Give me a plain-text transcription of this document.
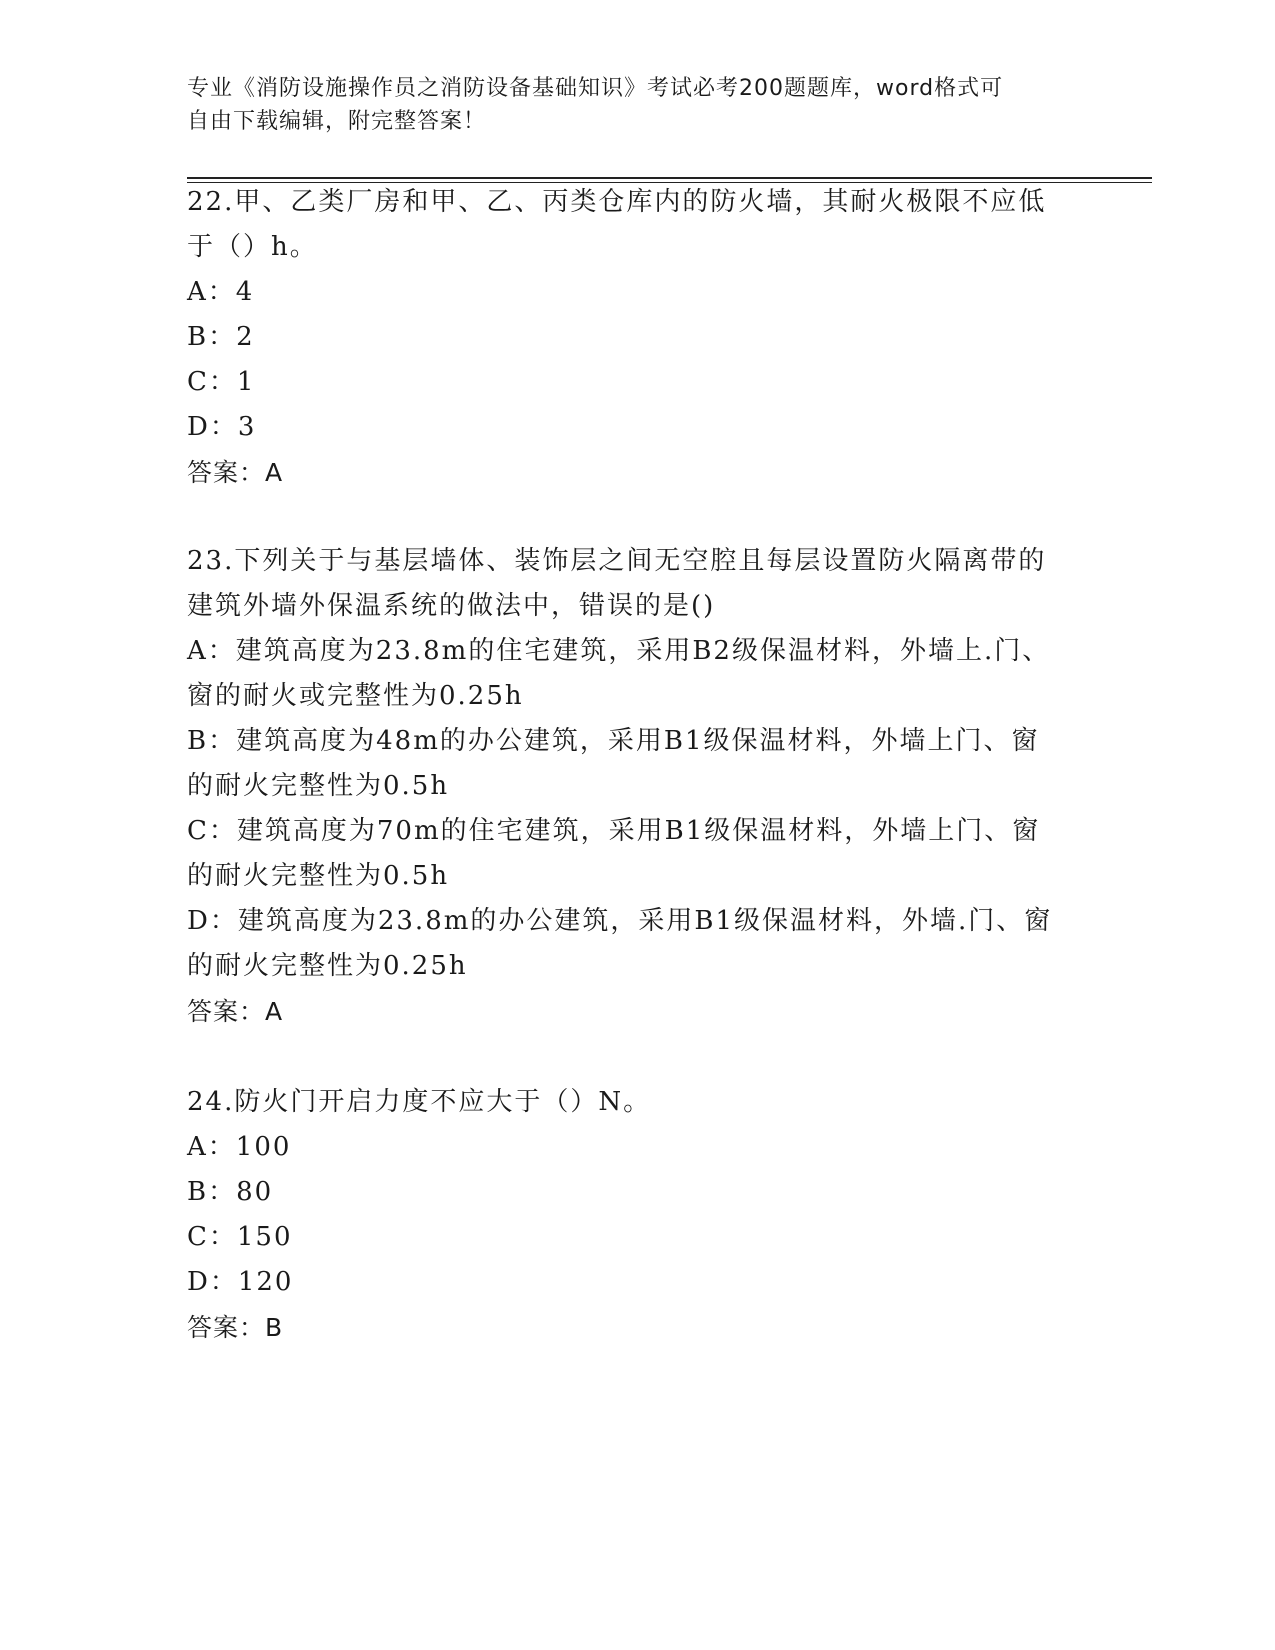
专业《消防设施操作员之消防设备基础知识》考试必考200题题库，word格式可
自由下载编辑，附完整答案！
22.甲、乙类厂房和甲、乙、丙类仓库内的防火墙，其耐火极限不应低
于（）h。
A：4
B：2
C：1
D：3
答案：A
23.下列关于与基层墙体、装饰层之间无空腔且每层设置防火隔离带的
建筑外墙外保温系统的做法中，错误的是()
A：建筑高度为23.8m的住宅建筑，采用B2级保温材料，外墙上.门、
窗的耐火或完整性为0.25h
B：建筑高度为48m的办公建筑，采用B1级保温材料，外墙上门、窗
的耐火完整性为0.5h
C：建筑高度为70m的住宅建筑，采用B1级保温材料，外墙上门、窗
的耐火完整性为0.5h
D：建筑高度为23.8m的办公建筑，采用B1级保温材料，外墙.门、窗
的耐火完整性为0.25h
答案：A
24.防火门开启力度不应大于（）N。
A：100
B：80
C：150
D：120
答案：B
